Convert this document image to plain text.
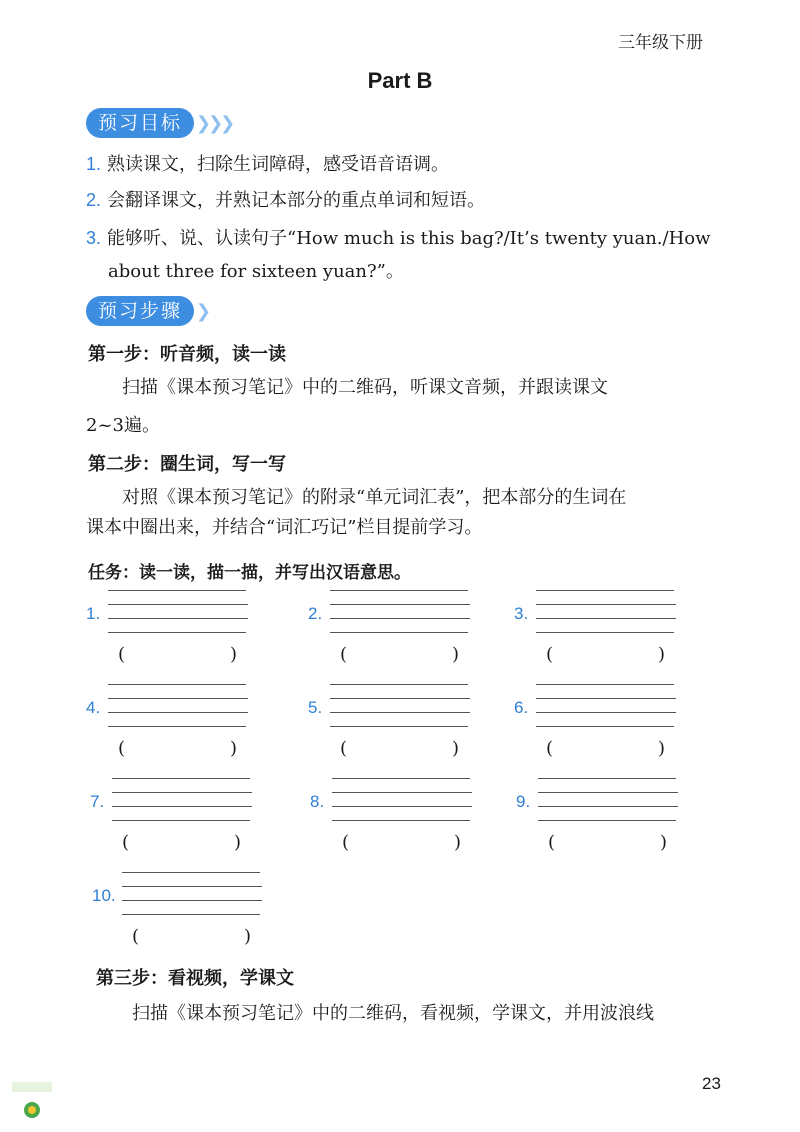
三年级下册
Part B
预习目标 ❯❯❯
1. 熟读课文，扫除生词障碍，感受语音语调。
2. 会翻译课文，并熟记本部分的重点单词和短语。
3. 能够听、说、认读句子“How much is this bag?/It’s twenty yuan./How
about three for sixteen yuan?”。
预习步骤 ❯
第一步：听音频，读一读
扫描《课本预习笔记》中的二维码，听课文音频，并跟读课文
2~3遍。
第二步：圈生词，写一写
对照《课本预习笔记》的附录“单元词汇表”，把本部分的生词在
课本中圈出来，并结合“词汇巧记”栏目提前学习。
任务：读一读，描一描，并写出汉语意思。
1.
(	)
2.
(	)
3.
(	)
4.
(	)
5.
(	)
6.
(	)
7.
(	)
8.
(	)
9.
(	)
10.
(	)
第三步：看视频，学课文
扫描《课本预习笔记》中的二维码，看视频，学课文，并用波浪线
23
